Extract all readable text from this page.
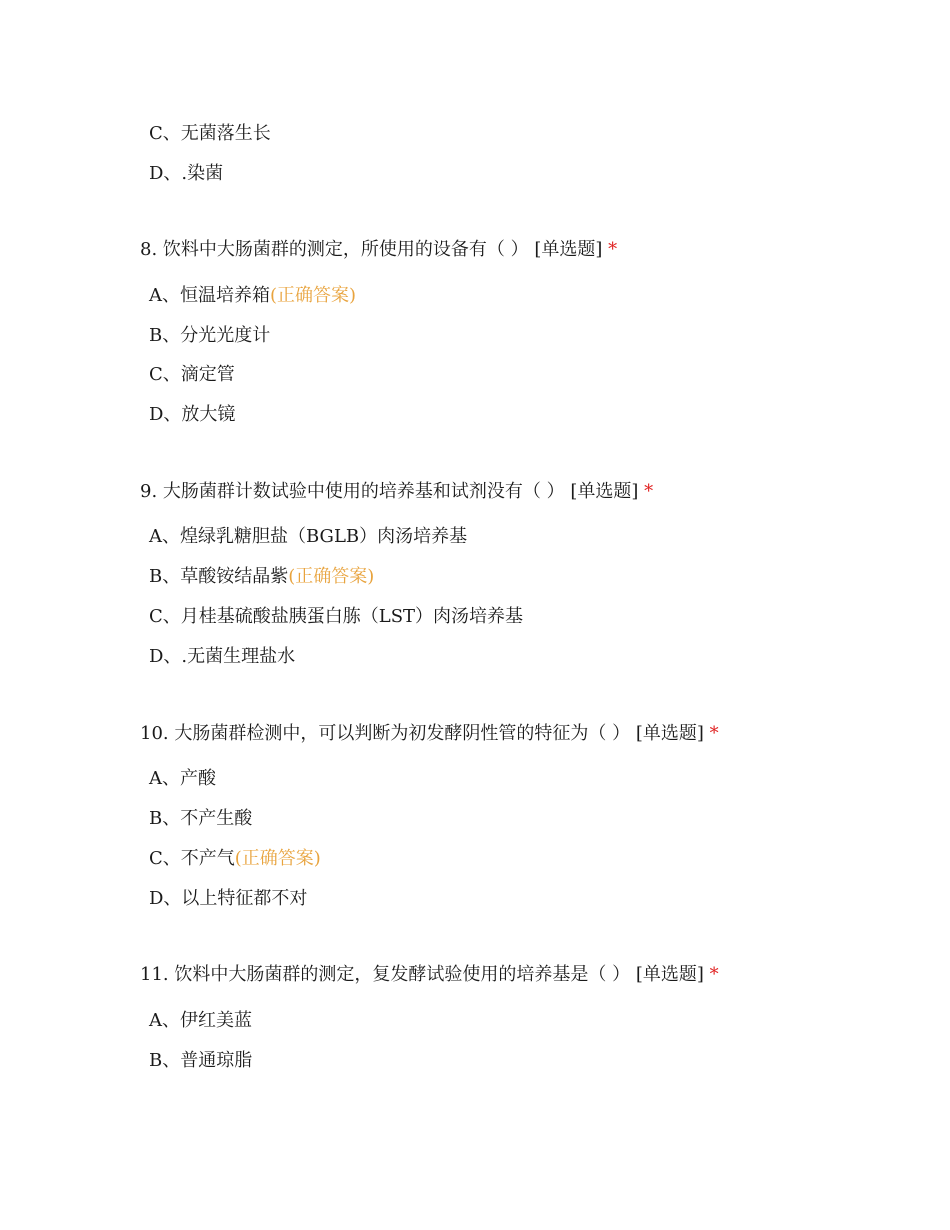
C、无菌落生长
D、.染菌
8. 饮料中大肠菌群的测定，所使用的设备有（ ） [单选题] *
A、恒温培养箱(正确答案)
B、分光光度计
C、滴定管
D、放大镜
9. 大肠菌群计数试验中使用的培养基和试剂没有（ ） [单选题] *
A、煌绿乳糖胆盐（BGLB）肉汤培养基
B、草酸铵结晶紫(正确答案)
C、月桂基硫酸盐胰蛋白胨（LST）肉汤培养基
D、.无菌生理盐水
10. 大肠菌群检测中，可以判断为初发酵阴性管的特征为（ ） [单选题] *
A、产酸
B、不产生酸
C、不产气(正确答案)
D、以上特征都不对
11. 饮料中大肠菌群的测定，复发酵试验使用的培养基是（ ） [单选题] *
A、伊红美蓝
B、普通琼脂
